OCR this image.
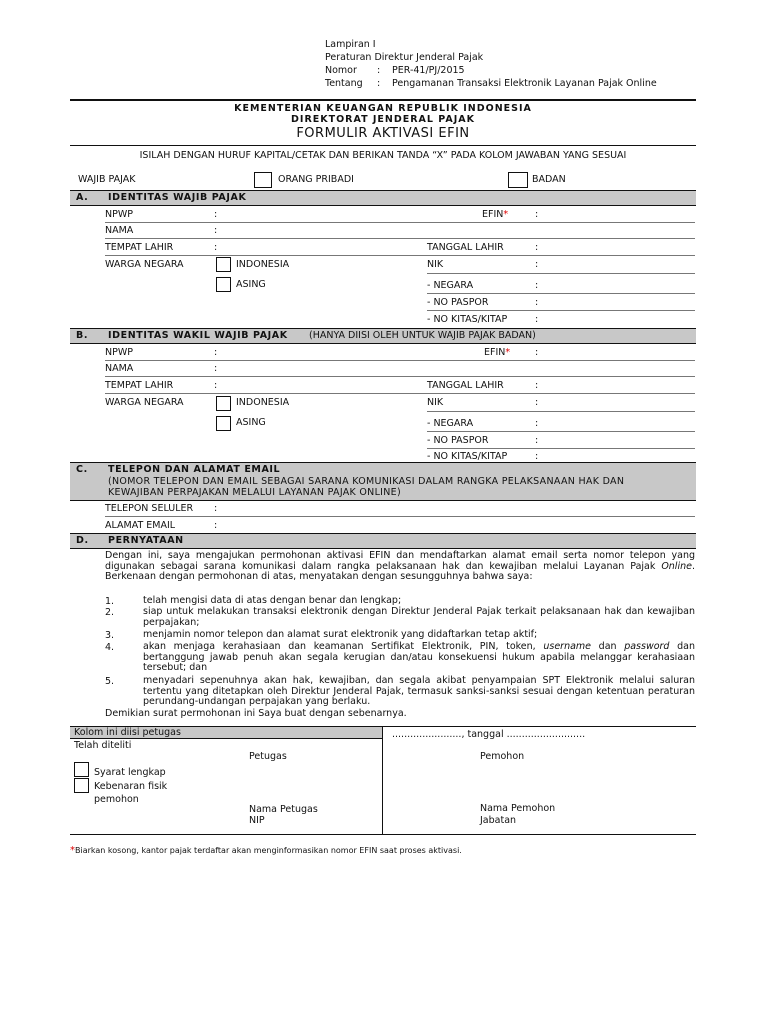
Lampiran I
Peraturan Direktur Jenderal Pajak
Nomor : PER-41/PJ/2015
Tentang : Pengamanan Transaksi Elektronik Layanan Pajak Online
KEMENTERIAN KEUANGAN REPUBLIK INDONESIA
DIREKTORAT JENDERAL PAJAK
FORMULIR AKTIVASI EFIN
ISILAH DENGAN HURUF KAPITAL/CETAK DAN BERIKAN TANDA “X” PADA KOLOM JAWABAN YANG SESUAI
WAJIB PAJAK	ORANG PRIBADI	BADAN
A. IDENTITAS WAJIB PAJAK
NPWP	:	EFIN*	:
NAMA	:
TEMPAT LAHIR	:	TANGGAL LAHIR	:
WARGA NEGARA	INDONESIA	NIK	:
ASING	- NEGARA	:
- NO PASPOR	:
- NO KITAS/KITAP	:
B. IDENTITAS WAKIL WAJIB PAJAK (HANYA DIISI OLEH UNTUK WAJIB PAJAK BADAN)
NPWP	:	EFIN*	:
NAMA	:
TEMPAT LAHIR	:	TANGGAL LAHIR	:
WARGA NEGARA	INDONESIA	NIK	:
ASING	- NEGARA	:
- NO PASPOR	:
- NO KITAS/KITAP	:
C. TELEPON DAN ALAMAT EMAIL
(NOMOR TELEPON DAN EMAIL SEBAGAI SARANA KOMUNIKASI DALAM RANGKA PELAKSANAAN HAK DAN
KEWAJIBAN PERPAJAKAN MELALUI LAYANAN PAJAK ONLINE)
TELEPON SELULER :
ALAMAT EMAIL	:
D. PERNYATAAN
Dengan ini, saya mengajukan permohonan aktivasi EFIN dan mendaftarkan alamat email serta nomor telepon yang digunakan sebagai sarana komunikasi dalam rangka pelaksanaan hak dan kewajiban melalui Layanan Pajak Online. Berkenaan dengan permohonan di atas, menyatakan dengan sesungguhnya bahwa saya:
1.	telah mengisi data di atas dengan benar dan lengkap;
2.	siap untuk melakukan transaksi elektronik dengan Direktur Jenderal Pajak terkait pelaksanaan hak dan kewajiban perpajakan;
3.	menjamin nomor telepon dan alamat surat elektronik yang didaftarkan tetap aktif;
4.	akan menjaga kerahasiaan dan keamanan Sertifikat Elektronik, PIN, token, username dan password dan bertanggung jawab penuh akan segala kerugian dan/atau konsekuensi hukum apabila melanggar kerahasiaan tersebut; dan
5.	menyadari sepenuhnya akan hak, kewajiban, dan segala akibat penyampaian SPT Elektronik melalui saluran tertentu yang ditetapkan oleh Direktur Jenderal Pajak, termasuk sanksi-sanksi sesuai dengan ketentuan peraturan perundang-undangan perpajakan yang berlaku.
Demikian surat permohonan ini Saya buat dengan sebenarnya.
Kolom ini diisi petugas
Telah diteliti
Petugas
Syarat lengkap
Kebenaran fisik
pemohon
Nama Petugas
NIP
......................., tanggal ..........................
Pemohon
Nama Pemohon
Jabatan
*Biarkan kosong, kantor pajak terdaftar akan menginformasikan nomor EFIN saat proses aktivasi.
